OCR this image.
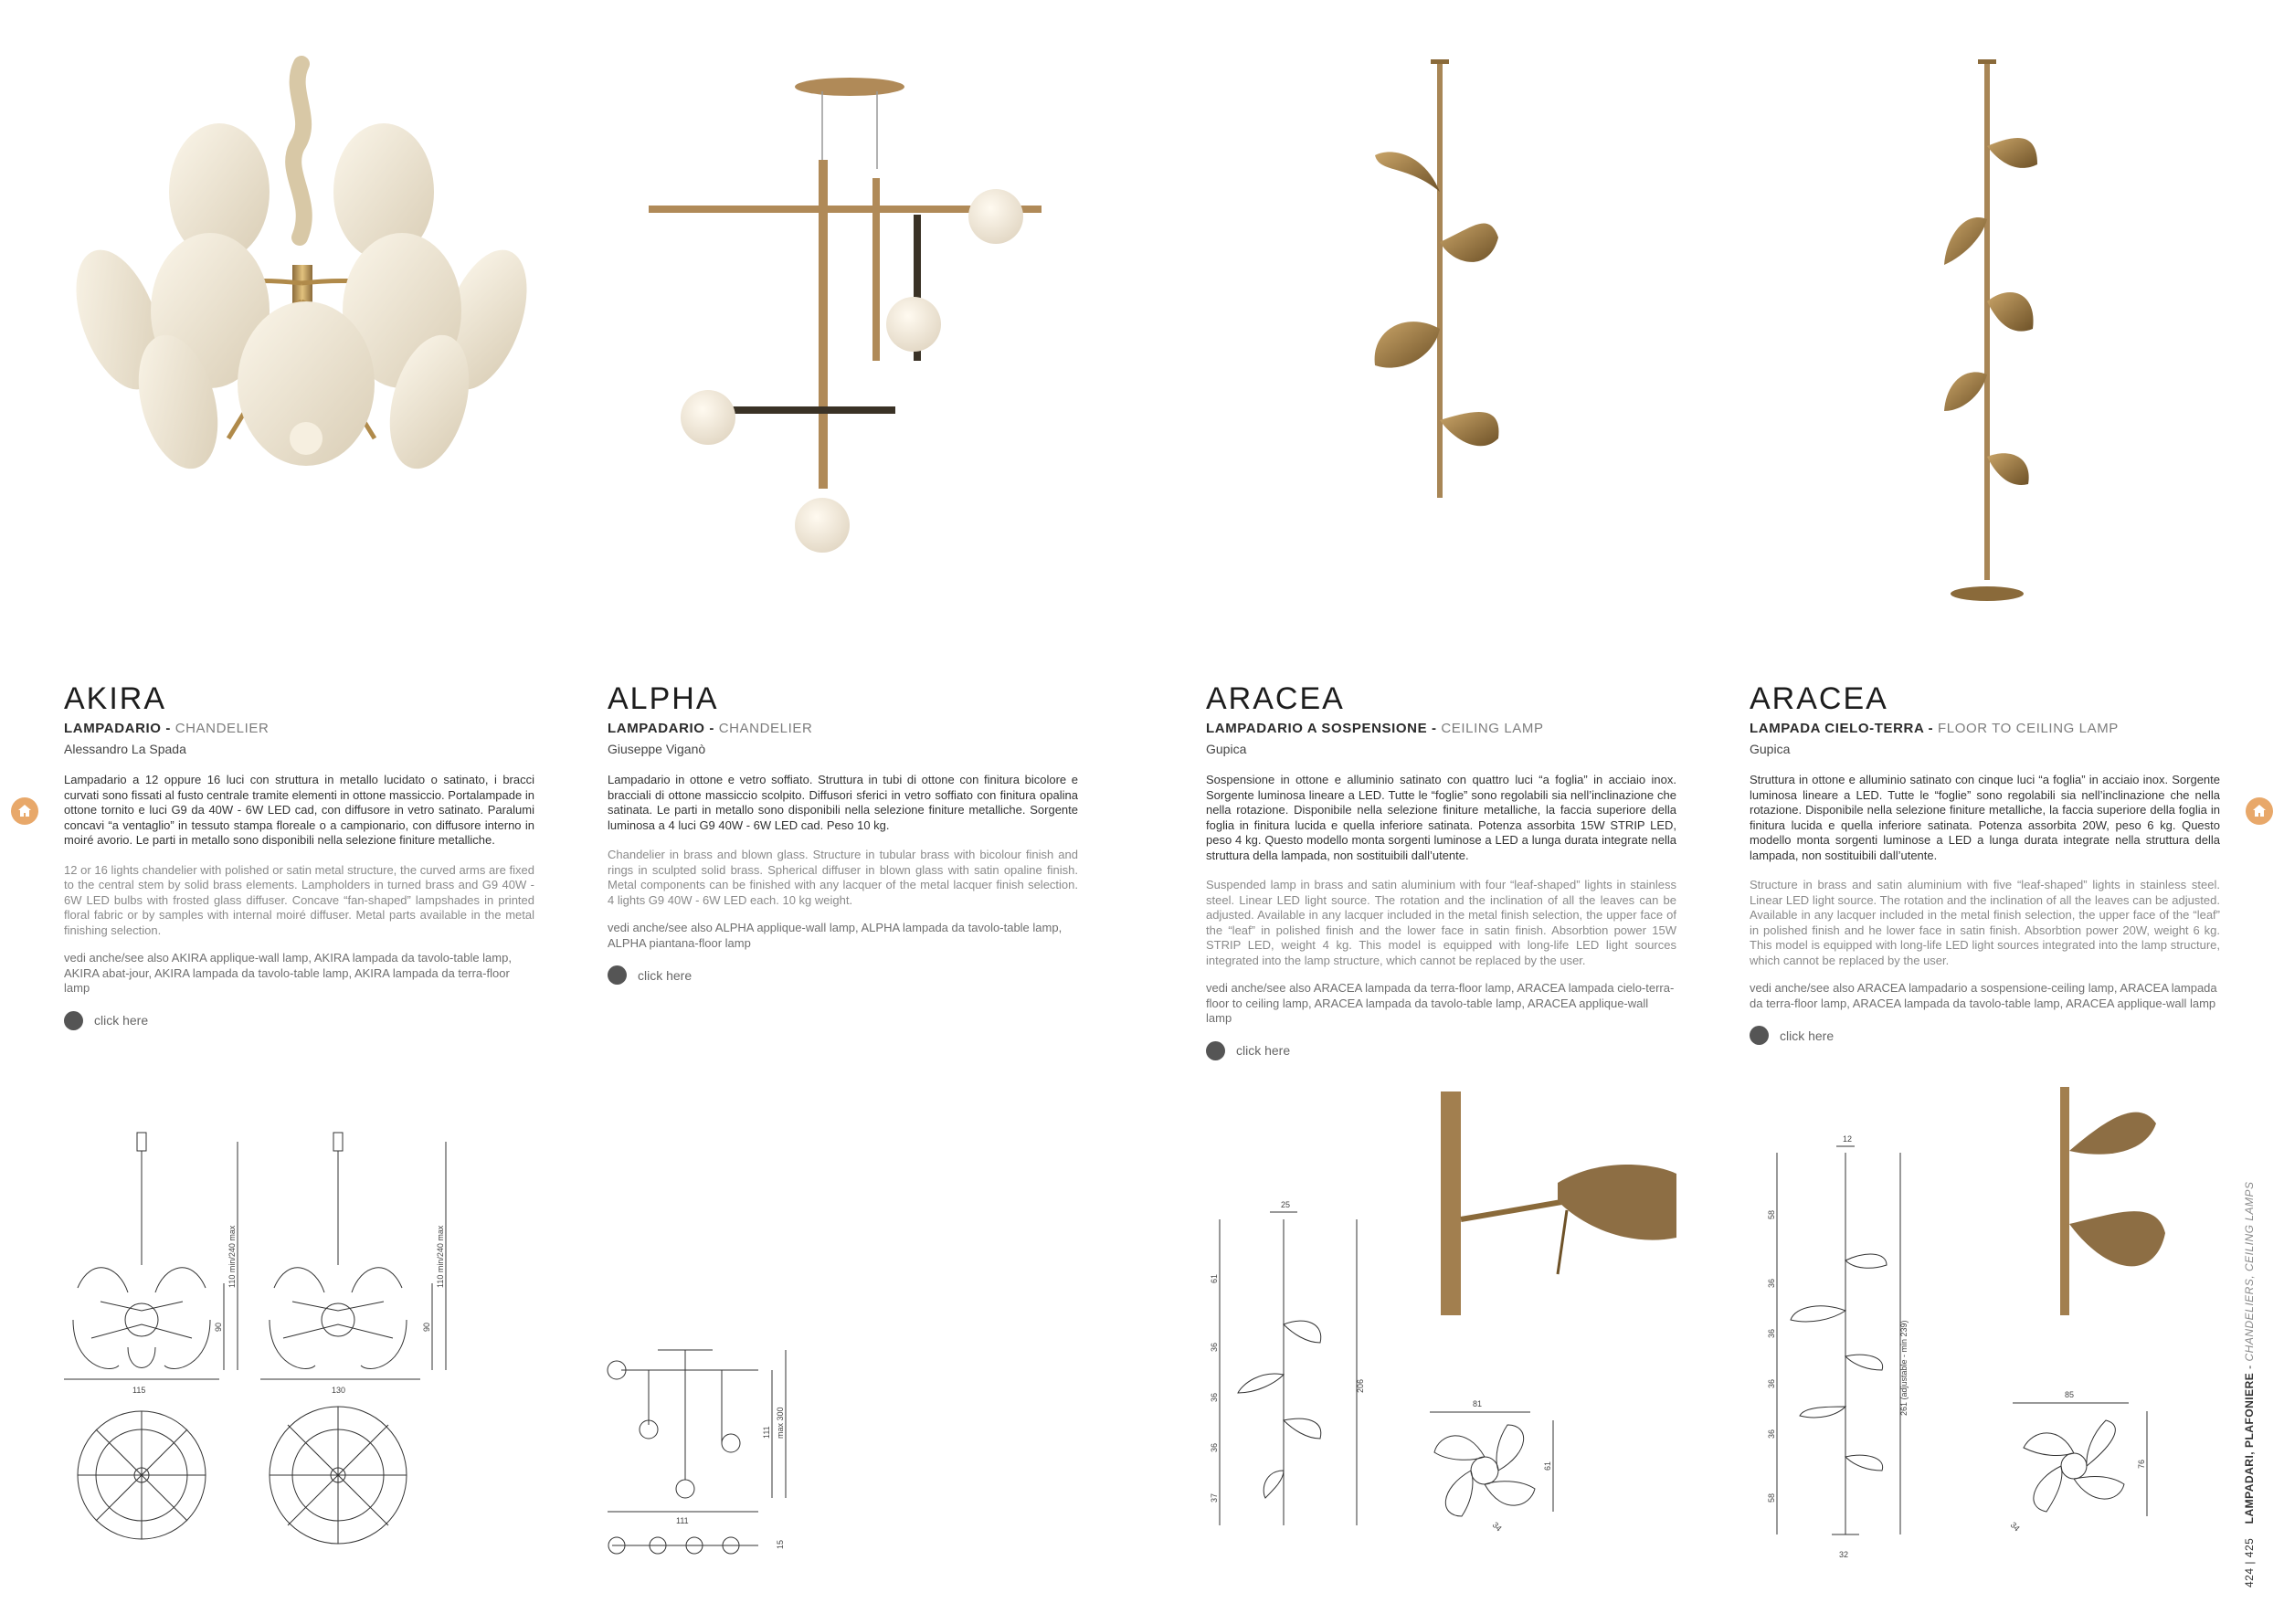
AKIRA
LAMPADARIO - CHANDELIER
Alessandro La Spada
Lampadario a 12 oppure 16 luci con struttura in metallo lucidato o satinato, i bracci curvati sono fissati al fusto centrale tramite elementi in ottone massiccio. Portalampade in ottone tornito e luci G9 da 40W - 6W LED cad, con diffusore in vetro satinato. Paralumi concavi “a ventaglio” in tessuto stampa floreale o a campionario, con diffusore interno in moiré avorio. Le parti in metallo sono disponibili nella selezione finiture metalliche.
12 or 16 lights chandelier with polished or satin metal structure, the curved arms are fixed to the central stem by solid brass elements. Lampholders in turned brass and G9 40W - 6W LED bulbs with frosted glass diffuser. Concave “fan-shaped” lampshades in printed floral fabric or by samples with internal moiré diffuser. Metal parts available in the metal finishing selection.
vedi anche/see also AKIRA applique-wall lamp, AKIRA lampada da tavolo-table lamp, AKIRA abat-jour, AKIRA lampada da tavolo-table lamp, AKIRA lampada da terra-floor lamp
click here
ALPHA
LAMPADARIO - CHANDELIER
Giuseppe Viganò
Lampadario in ottone e vetro soffiato. Struttura in tubi di ottone con finitura bicolore e bracciali di ottone massiccio scolpito. Diffusori sferici in vetro soffiato con finitura opalina satinata. Le parti in metallo sono disponibili nella selezione finiture metalliche. Sorgente luminosa a 4 luci G9 40W - 6W LED cad. Peso 10 kg.
Chandelier in brass and blown glass. Structure in tubular brass with bicolour finish and rings in sculpted solid brass. Spherical diffuser in blown glass with satin opaline finish. Metal components can be finished with any lacquer of the metal lacquer finish selection. 4 lights G9 40W - 6W LED each. 10 kg weight.
vedi anche/see also ALPHA applique-wall lamp, ALPHA lampada da tavolo-table lamp, ALPHA piantana-floor lamp
click here
ARACEA
LAMPADARIO A SOSPENSIONE - CEILING LAMP
Gupica
Sospensione in ottone e alluminio satinato con quattro luci “a foglia” in acciaio inox. Sorgente luminosa lineare a LED. Tutte le “foglie” sono regolabili sia nell’inclinazione che nella rotazione. Disponibile nella selezione finiture metalliche, la faccia superiore della foglia in finitura lucida e quella inferiore satinata. Potenza assorbita 15W STRIP LED, peso 4 kg. Questo modello monta sorgenti luminose a LED a lunga durata integrate nella struttura della lampada, non sostituibili dall’utente.
Suspended lamp in brass and satin aluminium with four “leaf-shaped” lights in stainless steel. Linear LED light source. The rotation and the inclination of all the leaves can be adjusted. Available in any lacquer included in the metal finish selection, the upper face of the “leaf” in polished finish and the lower face in satin finish. Absorbtion power 15W STRIP LED, weight 4 kg. This model is equipped with long-life LED light sources integrated into the lamp structure, which cannot be replaced by the user.
vedi anche/see also ARACEA lampada da terra-floor lamp, ARACEA lampada cielo-terra-floor to ceiling lamp, ARACEA lampada da tavolo-table lamp, ARACEA applique-wall lamp
click here
ARACEA
LAMPADA CIELO-TERRA - FLOOR TO CEILING LAMP
Gupica
Struttura in ottone e alluminio satinato con cinque luci “a foglia” in acciaio inox. Sorgente luminosa lineare a LED. Tutte le “foglie” sono regolabili sia nell’inclinazione che nella rotazione. Disponibile nella selezione finiture metalliche, la faccia superiore della foglia in finitura lucida e quella inferiore satinata. Potenza assorbita 20W, peso 6 kg. Questo modello monta sorgenti luminose a LED a lunga durata integrate nella struttura della lampada, non sostituibili dall’utente.
Structure in brass and satin aluminium with five “leaf-shaped” lights in stainless steel. Linear LED light source. The rotation and the inclination of all the leaves can be adjusted. Available in any lacquer included in the metal finish selection, the upper face of the “leaf” in polished finish and he lower face in satin finish. Absorbtion power 20W, weight 6 kg. This model is equipped with long-life LED light sources integrated into the lamp structure, which cannot be replaced by the user.
vedi anche/see also ARACEA lampadario a sospensione-ceiling lamp, ARACEA lampada da terra-floor lamp, ARACEA lampada da tavolo-table lamp, ARACEA applique-wall lamp
click here
115
90
110 min/240 max
130
90
110 min/240 max
111
111 max 300
15
25
61
36
36
36
37
206
81
61
34
12
58
36
36
36
36
58
261 (adjustable - min 239)
32
85
76
34
424 | 425    LAMPADARI, PLAFONIERE - CHANDELIERS, CEILING LAMPS
